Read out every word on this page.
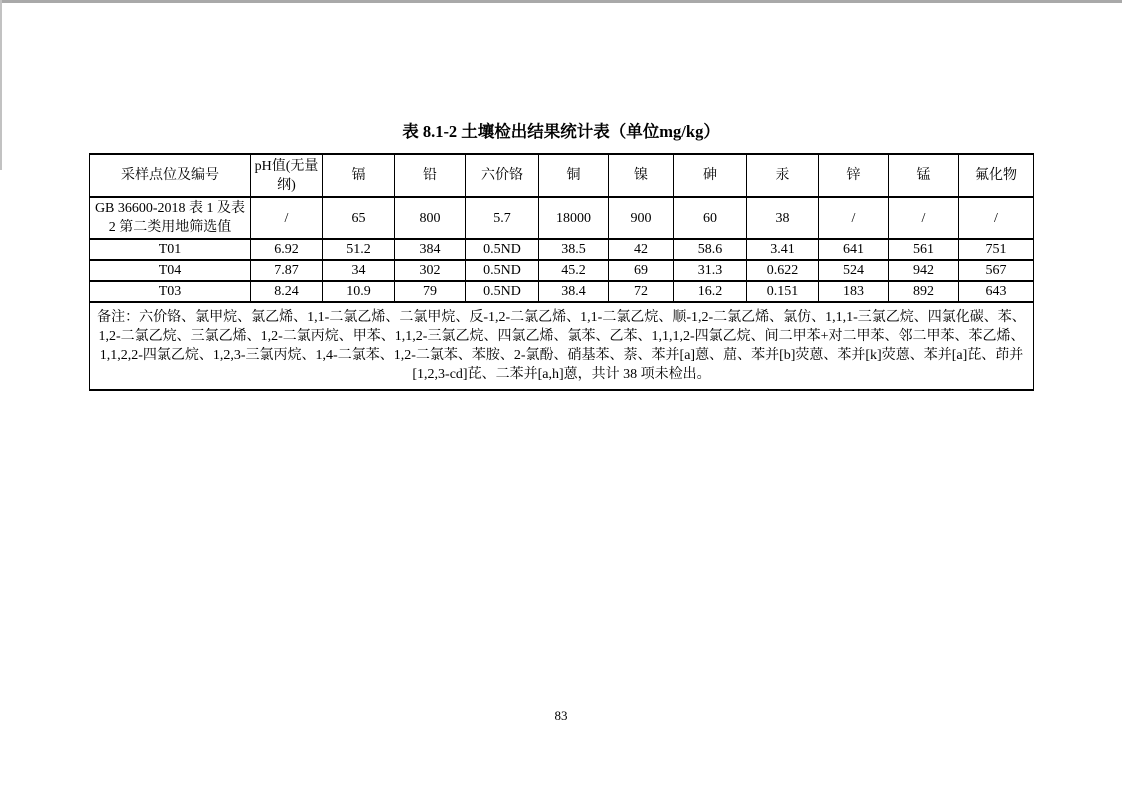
表 8.1-2 土壤检出结果统计表（单位mg/kg）
采样点位及编号	pH值(无量纲)	镉	铅	六价铬	铜	镍	砷	汞	锌	锰	氟化物
GB 36600-2018 表 1 及表 2 第二类用地筛选值	/	65	800	5.7	18000	900	60	38	/	/	/
T01	6.92	51.2	384	0.5ND	38.5	42	58.6	3.41	641	561	751
T04	7.87	34	302	0.5ND	45.2	69	31.3	0.622	524	942	567
T03	8.24	10.9	79	0.5ND	38.4	72	16.2	0.151	183	892	643
备注：六价铬、氯甲烷、氯乙烯、1,1-二氯乙烯、二氯甲烷、反-1,2-二氯乙烯、1,1-二氯乙烷、顺-1,2-二氯乙烯、氯仿、1,1,1-三氯乙烷、四氯化碳、苯、1,2-二氯乙烷、三氯乙烯、1,2-二氯丙烷、甲苯、1,1,2-三氯乙烷、四氯乙烯、氯苯、乙苯、1,1,1,2-四氯乙烷、间二甲苯+对二甲苯、邻二甲苯、苯乙烯、1,1,2,2-四氯乙烷、1,2,3-三氯丙烷、1,4-二氯苯、1,2-二氯苯、苯胺、2-氯酚、硝基苯、萘、苯并[a]蒽、䓛、苯并[b]荧蒽、苯并[k]荧蒽、苯并[a]芘、茚并[1,2,3-cd]芘、二苯并[a,h]蒽，共计 38 项未检出。											
83
